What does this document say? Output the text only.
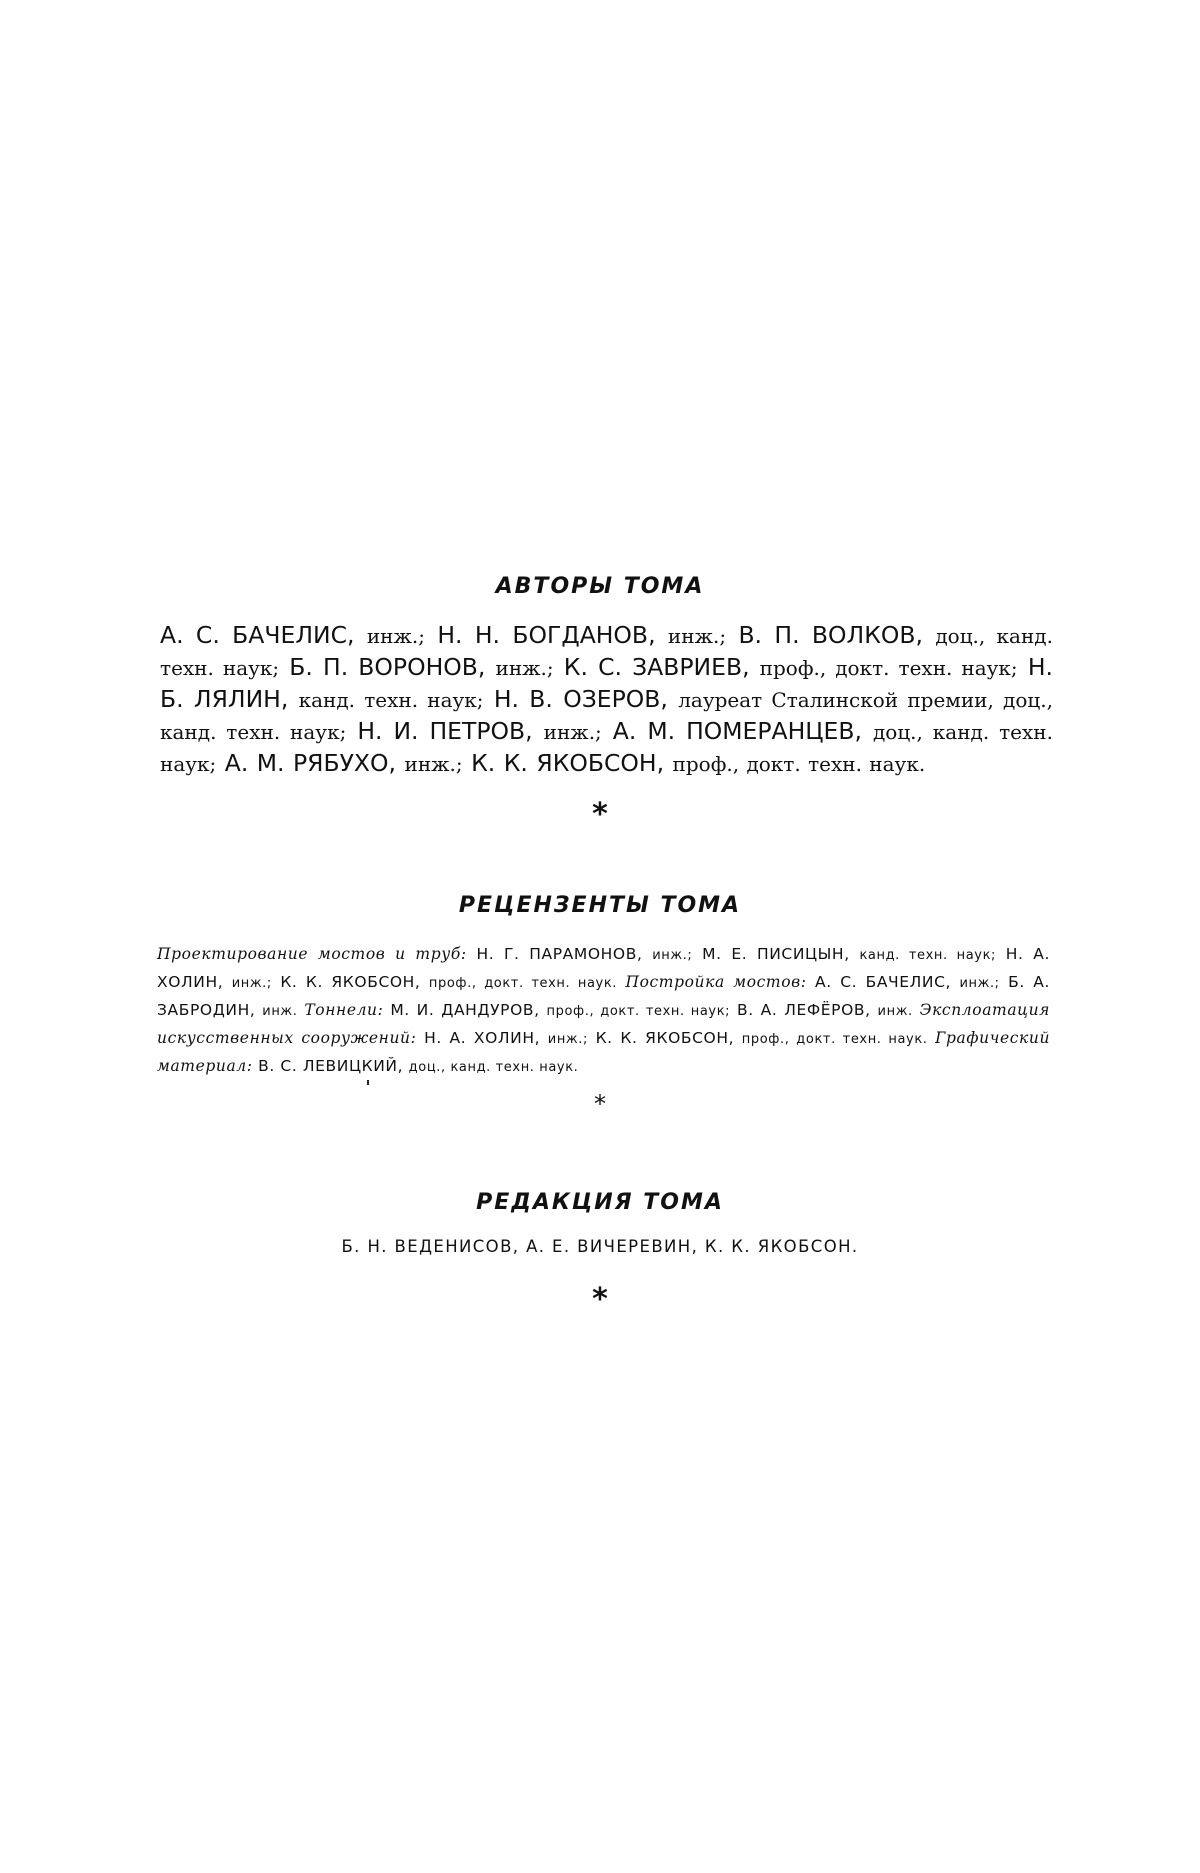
АВТОРЫ ТОМА

А. С. БАЧЕЛИС, инж.; Н. Н. БОГДАНОВ, инж.; В. П. ВОЛКОВ, доц., канд. техн. наук; Б. П. ВОРОНОВ, инж.; К. С. ЗАВРИЕВ, проф., докт. техн. наук; Н. Б. ЛЯЛИН, канд. техн. наук; Н. В. ОЗЕРОВ, лауреат Сталинской премии, доц., канд. техн. наук; Н. И. ПЕТРОВ, инж.; А. М. ПОМЕРАНЦЕВ, доц., канд. техн. наук; А. М. РЯБУХО, инж.; К. К. ЯКОБСОН, проф., докт. техн. наук.

*
РЕЦЕНЗЕНТЫ ТОМА

Проектирование мостов и труб: Н. Г. ПАРАМОНОВ, инж.; М. Е. ПИСИЦЫН, канд. техн. наук; Н. А. ХОЛИН, инж.; К. К. ЯКОБСОН, проф., докт. техн. наук. Постройка мостов: А. С. БАЧЕЛИС, инж.; Б. А. ЗАБРОДИН, инж. Тоннели: М. И. ДАНДУРОВ, проф., докт. техн. наук; В. А. ЛЕФЁРОВ, инж. Эксплоатация искусственных сооружений: Н. А. ХОЛИН, инж.; К. К. ЯКОБСОН, проф., докт. техн. наук. Графический материал: В. С. ЛЕВИЦКИЙ, доц., канд. техн. наук.

*
РЕДАКЦИЯ ТОМА

Б. Н. ВЕДЕНИСОВ, А. Е. ВИЧЕРЕВИН, К. К. ЯКОБСОН.

*
